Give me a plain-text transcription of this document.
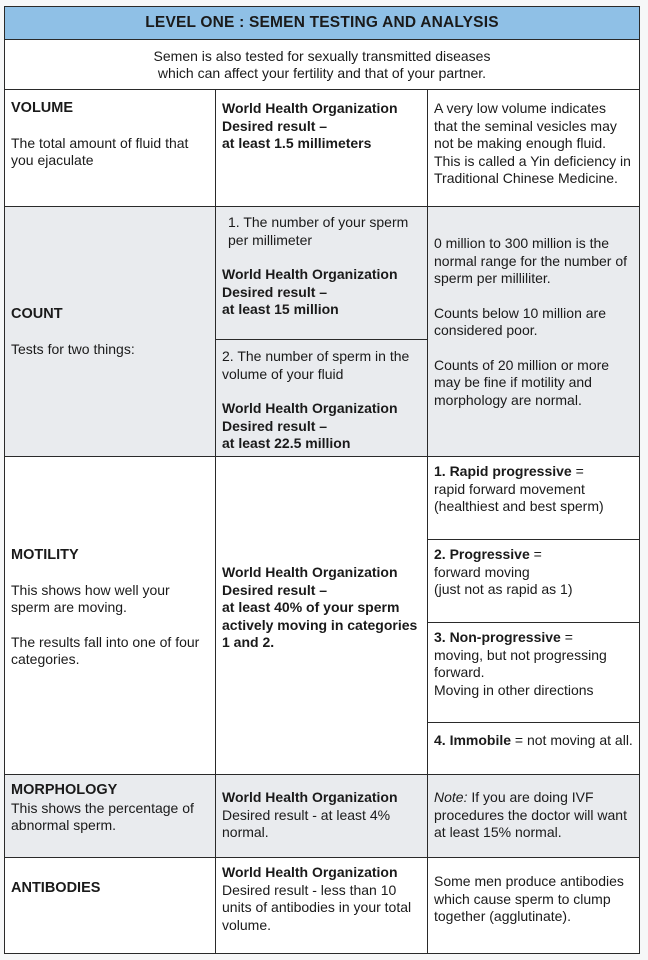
LEVEL ONE : SEMEN TESTING AND ANALYSIS
Semen is also tested for sexually transmitted diseases
which can affect your fertility and that of your partner.

VOLUME

The total amount of fluid that you ejaculate

World Health Organization

Desired result –

at least 1.5 millimeters

A very low volume indicates that the seminal vesicles may not be making enough fluid. This is called a Yin deficiency in Traditional Chinese Medicine.

COUNT

Tests for two things:

1. The number of your sperm per millimeter

World Health Organization

Desired result –

at least 15 million

2. The number of sperm in the volume of your fluid

World Health Organization

Desired result –

at least 22.5 million

0 million to 300 million is the normal range for the number of sperm per milliliter.

Counts below 10 million are considered poor.

Counts of 20 million or more may be fine if motility and morphology are normal.

MOTILITY

This shows how well your sperm are moving.

The results fall into one of four categories.

World Health Organization

Desired result –

at least 40% of your sperm actively moving in categories 1 and 2.

1. Rapid progressive =

rapid forward movement (healthiest and best sperm)

2. Progressive =

forward moving

(just not as rapid as 1)

3. Non-progressive =

moving, but not progressing forward.

Moving in other directions

4. Immobile = not moving at all.

MORPHOLOGY

This shows the percentage of abnormal sperm.

World Health Organization

Desired result - at least 4% normal.

Note: If you are doing IVF procedures the doctor will want at least 15% normal.

ANTIBODIES

World Health Organization

Desired result - less than 10 units of antibodies in your total volume.

Some men produce antibodies which cause sperm to clump together (agglutinate).
